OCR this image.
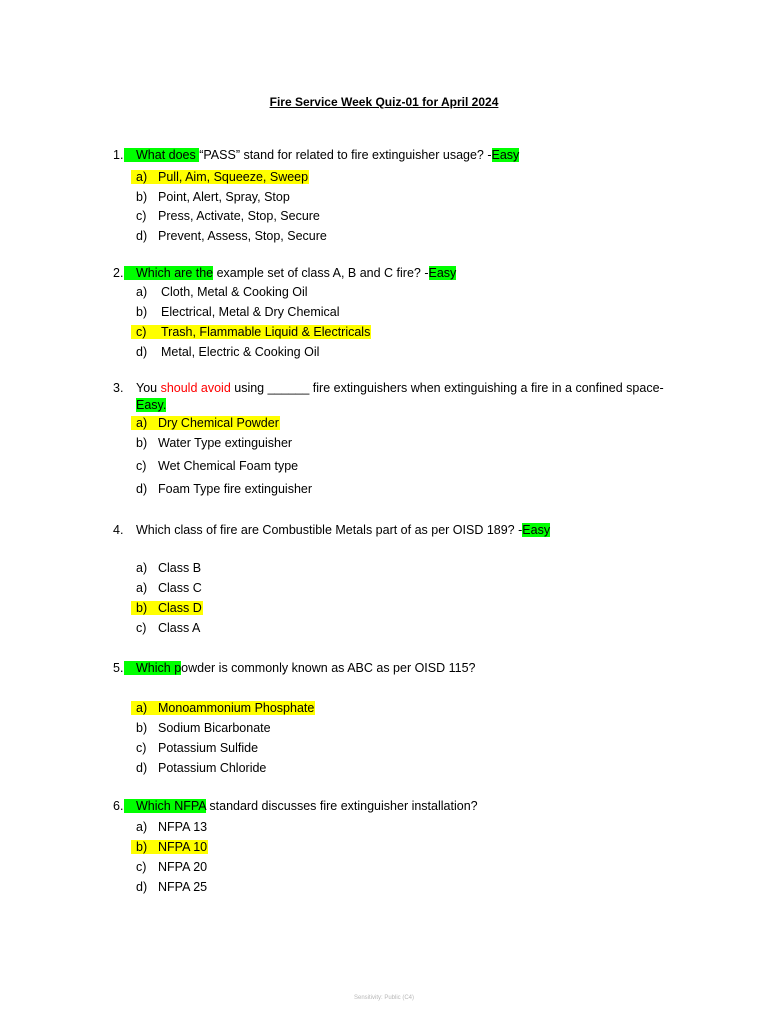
Fire Service Week Quiz-01 for April 2024
1. What does “PASS” stand for related to fire extinguisher usage? -Easy
a) Pull, Aim, Squeeze, Sweep
b) Point, Alert, Spray, Stop
c) Press, Activate, Stop, Secure
d) Prevent, Assess, Stop, Secure
2. Which are the example set of class A, B and C fire? -Easy
a) Cloth, Metal & Cooking Oil
b) Electrical, Metal & Dry Chemical
c) Trash, Flammable Liquid & Electricals
d) Metal, Electric & Cooking Oil
3. You should avoid using ______ fire extinguishers when extinguishing a fire in a confined space-
Easy.
a) Dry Chemical Powder
b) Water Type extinguisher
c) Wet Chemical Foam type
d) Foam Type fire extinguisher
4. Which class of fire are Combustible Metals part of as per OISD 189? -Easy
a) Class B
a) Class C
b) Class D
c) Class A
5. Which powder is commonly known as ABC as per OISD 115?
a) Monoammonium Phosphate
b) Sodium Bicarbonate
c) Potassium Sulfide
d) Potassium Chloride
6. Which NFPA standard discusses fire extinguisher installation?
a) NFPA 13
b) NFPA 10
c) NFPA 20
d) NFPA 25
Sensitivity: Public (C4)
